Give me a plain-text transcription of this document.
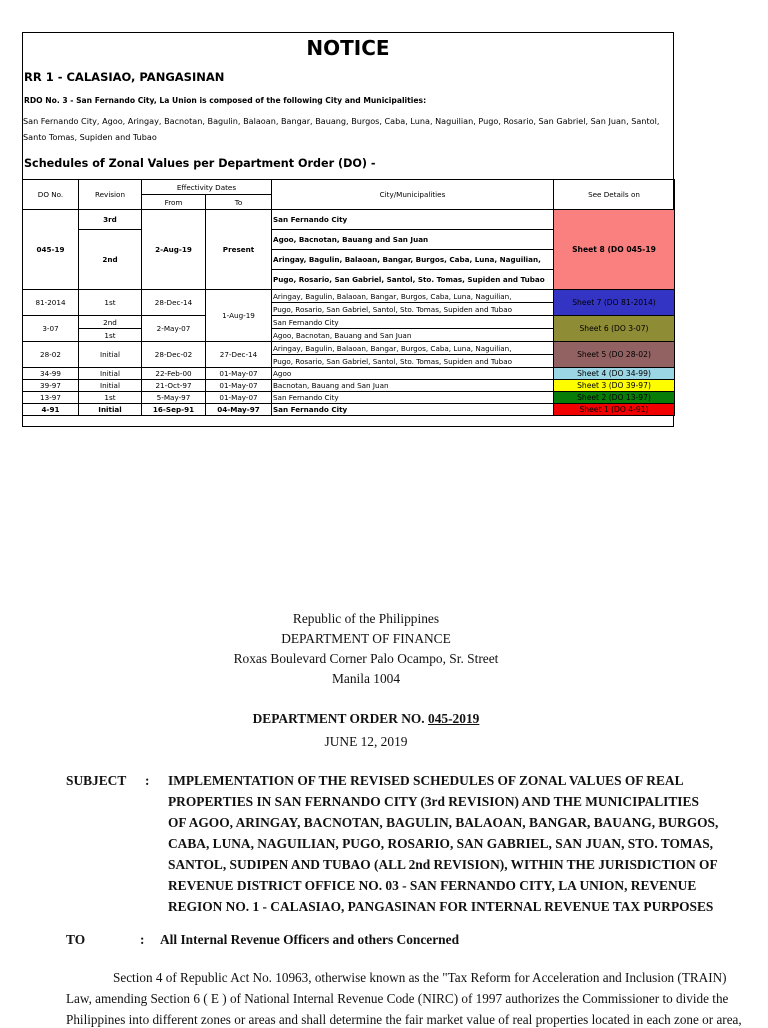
NOTICE
RR 1 - CALASIAO, PANGASINAN
RDO No. 3 - San Fernando City, La Union is composed of the following City and Municipalities:
San Fernando City, Agoo, Aringay, Bacnotan, Bagulin, Balaoan, Bangar, Bauang, Burgos, Caba, Luna, Naguilian, Pugo, Rosario, San Gabriel, San Juan, Santol, Santo Tomas, Supiden and Tubao
Schedules of Zonal Values per Department Order (DO) -
DO No.	Revision	Effectivity Dates		City/Municipalities	See Details on
		From	To		
045-19	3rd	2-Aug-19	Present	San Fernando City	Sheet 8 (DO 045-19
	2nd			Agoo, Bacnotan, Bauang and San Juan	
				Aringay, Bagulin, Balaoan, Bangar, Burgos, Caba, Luna, Naguilian,	
				Pugo, Rosario, San Gabriel, Santol, Sto. Tomas, Supiden and Tubao	
81-2014	1st	28-Dec-14	1-Aug-19	Aringay, Bagulin, Balaoan, Bangar, Burgos, Caba, Luna, Naguilian,	Sheet 7 (DO 81-2014)
				Pugo, Rosario, San Gabriel, Santol, Sto. Tomas, Supiden and Tubao	
3-07	2nd	2-May-07		San Fernando City	Sheet 6 (DO 3-07)
	1st			Agoo, Bacnotan, Bauang and San Juan	
28-02	Initial	28-Dec-02	27-Dec-14	Aringay, Bagulin, Balaoan, Bangar, Burgos, Caba, Luna, Naguilian,	Sheet 5 (DO 28-02)
				Pugo, Rosario, San Gabriel, Santol, Sto. Tomas, Supiden and Tubao	
34-99	Initial	22-Feb-00	01-May-07	Agoo	Sheet 4 (DO 34-99)
39-97	Initial	21-Oct-97	01-May-07	Bacnotan, Bauang and San Juan	Sheet 3 (DO 39-97)
13-97	1st	5-May-97	01-May-07	San Fernando City	Sheet 2 (DO 13-97)
4-91	Initial	16-Sep-91	04-May-97	San Fernando City	Sheet 1 (DO 4-91)
Republic of the Philippines
DEPARTMENT OF FINANCE
Roxas Boulevard Corner Palo Ocampo, Sr. Street
Manila 1004
DEPARTMENT ORDER NO. 045-2019
JUNE 12, 2019
SUBJECT : IMPLEMENTATION OF THE REVISED SCHEDULES OF ZONAL VALUES OF REAL
PROPERTIES IN SAN FERNANDO CITY (3rd REVISION) AND THE MUNICIPALITIES
OF AGOO, ARINGAY, BACNOTAN, BAGULIN, BALAOAN, BANGAR, BAUANG, BURGOS,
CABA, LUNA, NAGUILIAN, PUGO, ROSARIO, SAN GABRIEL, SAN JUAN, STO. TOMAS,
SANTOL, SUDIPEN AND TUBAO (ALL 2nd REVISION), WITHIN THE JURISDICTION OF
REVENUE DISTRICT OFFICE NO. 03 - SAN FERNANDO CITY, LA UNION, REVENUE
REGION NO. 1 - CALASIAO, PANGASINAN FOR INTERNAL REVENUE TAX PURPOSES
TO	: All Internal Revenue Officers and others Concerned
Section 4 of Republic Act No. 10963, otherwise known as the "Tax Reform for Acceleration and Inclusion (TRAIN)
Law, amending Section 6 ( E ) of National Internal Revenue Code (NIRC) of 1997 authorizes the Commissioner to divide the
Philippines into different zones or areas and shall determine the fair market value of real properties located in each zone or area,
